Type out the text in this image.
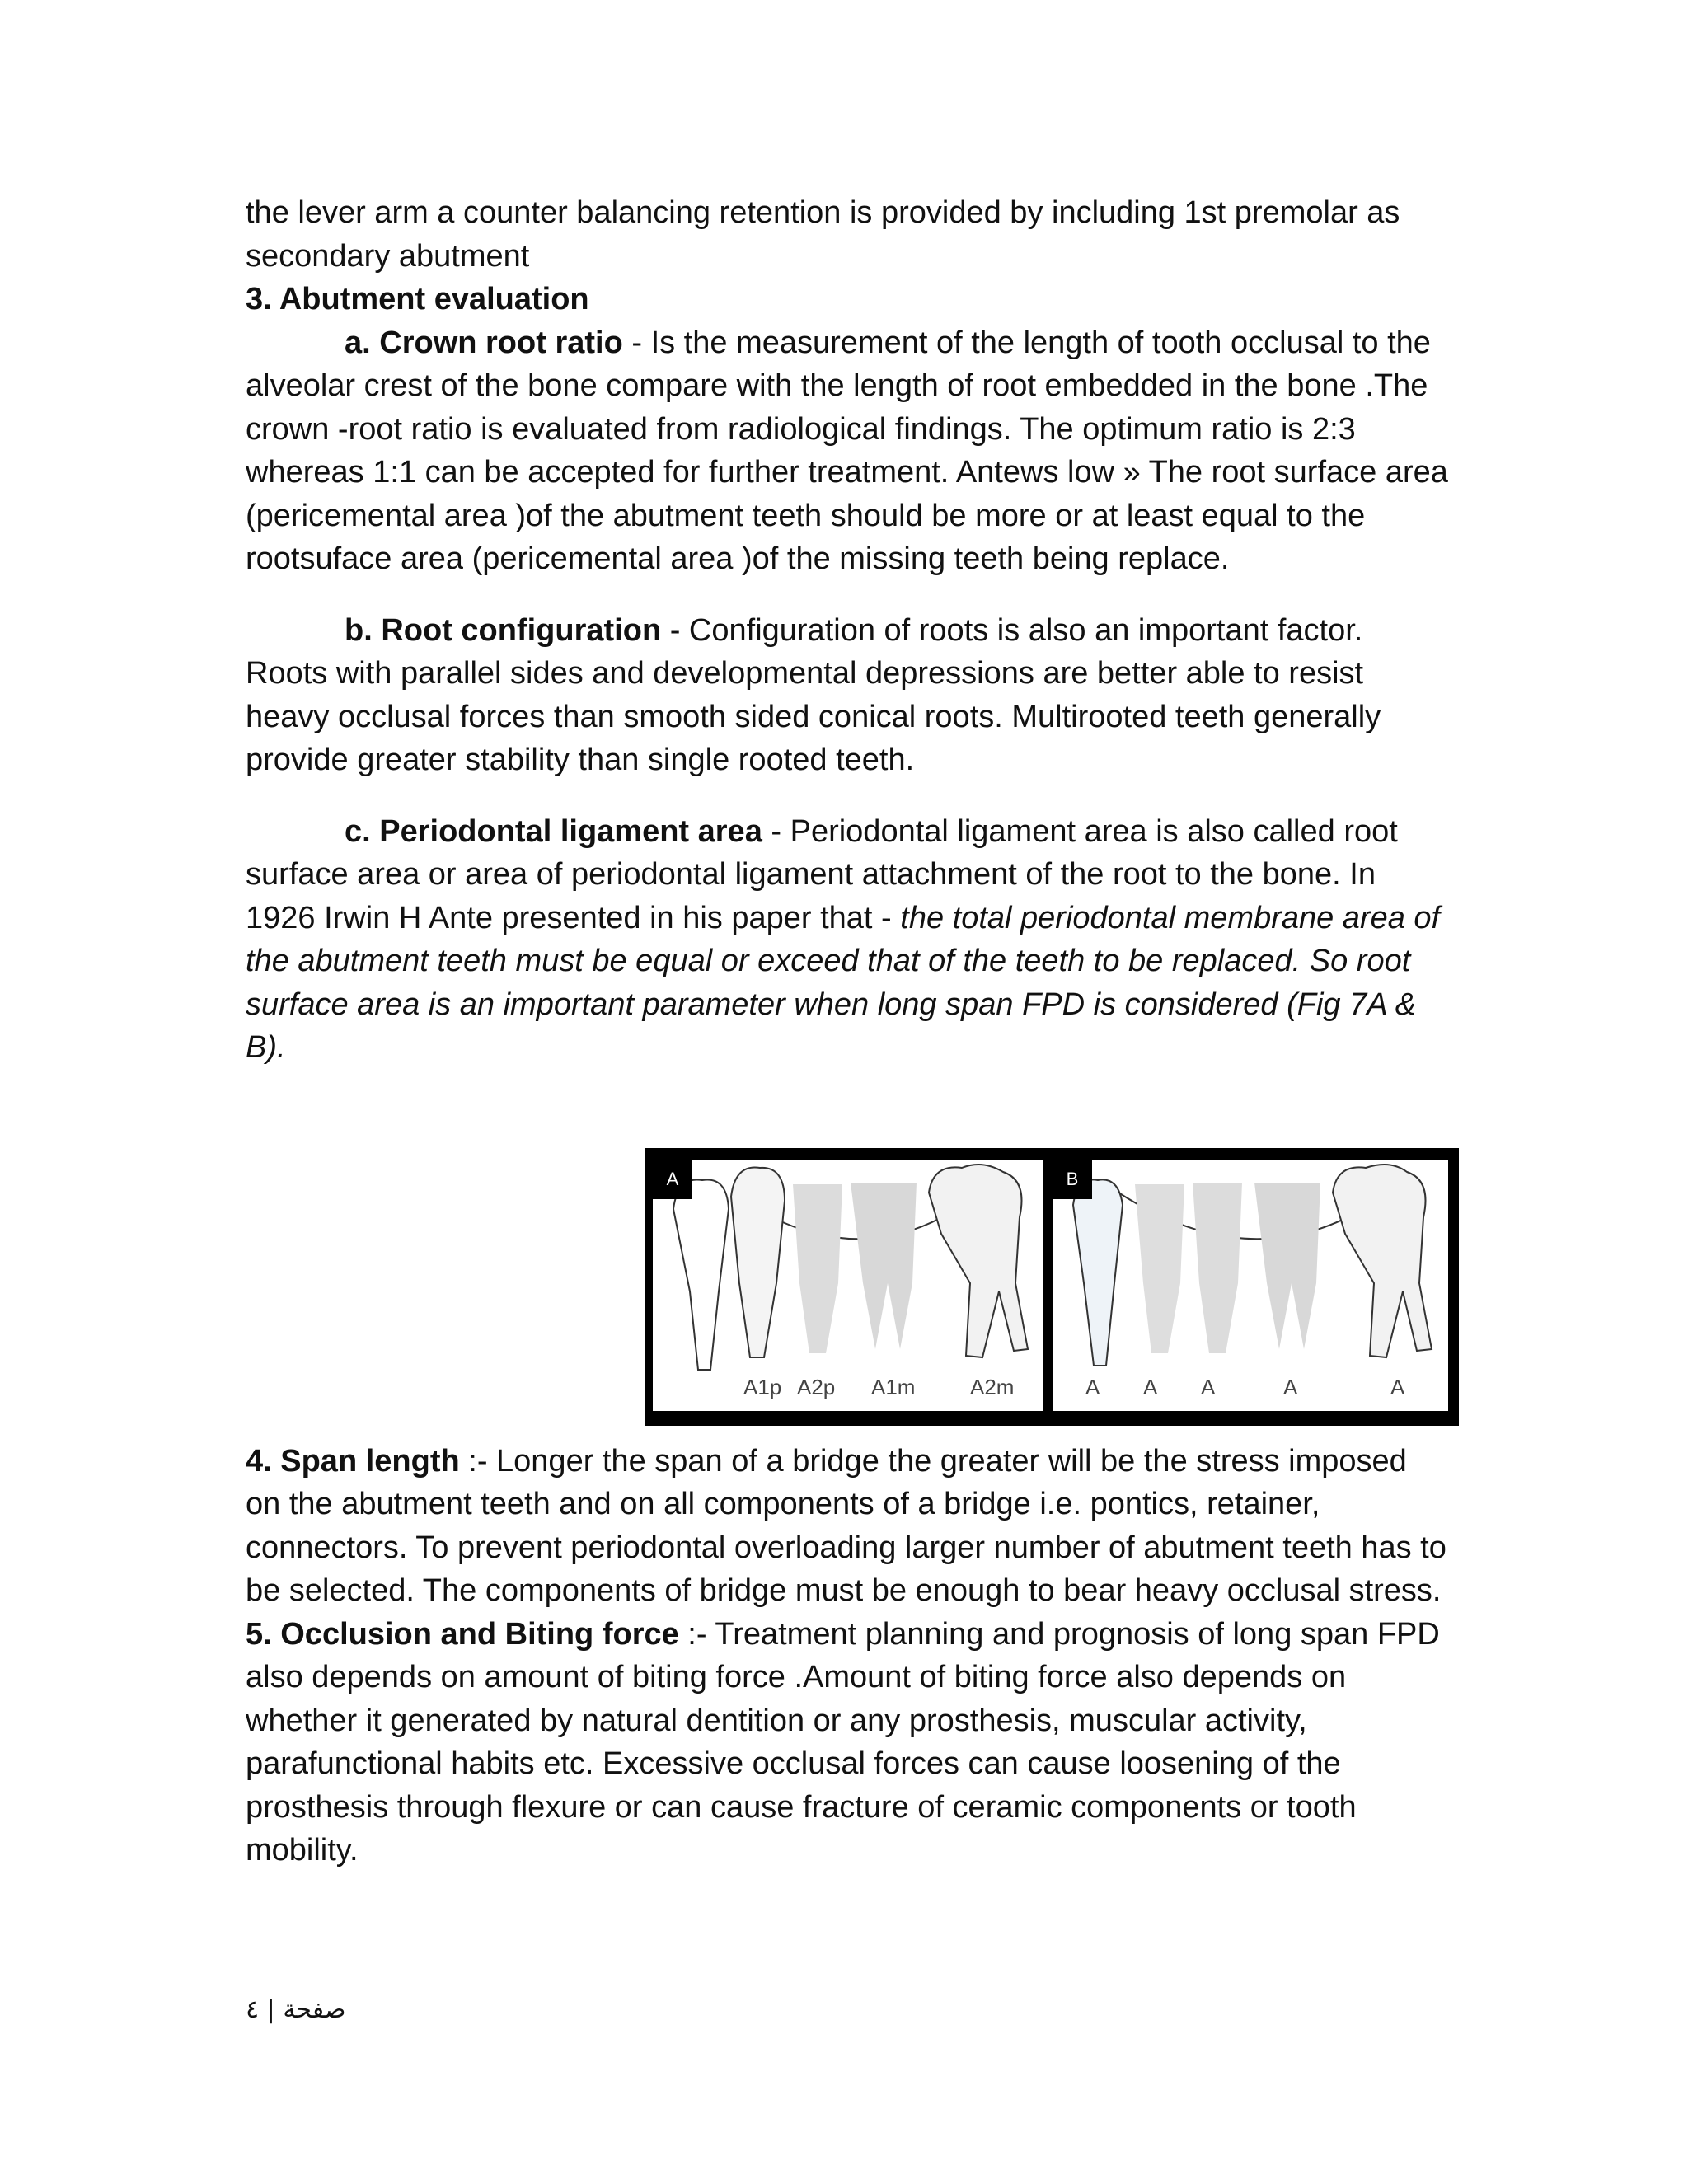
the lever arm a counter balancing retention is provided by including 1st premolar as secondary abutment

3. Abutment evaluation

a. Crown root ratio - Is the measurement of the length of tooth occlusal to the alveolar crest of the bone compare with the length of root embedded in the bone .The crown -root ratio is evaluated from radiological findings. The optimum ratio is 2:3 whereas 1:1 can be accepted for further treatment. Antews low » The root surface area (pericemental area )of the abutment teeth should be more or at least equal to the rootsuface area (pericemental area )of the missing teeth being replace.

b. Root configuration - Configuration of roots is also an important factor. Roots with parallel sides and developmental depressions are better able to resist heavy occlusal forces than smooth sided conical roots. Multirooted teeth generally provide greater stability than single rooted teeth.

c. Periodontal ligament area - Periodontal ligament area is also called root surface area or area of periodontal ligament attachment of the root to the bone. In 1926 Irwin H Ante presented in his paper that - the total periodontal membrane area of the abutment teeth must be equal or exceed that of the teeth to be replaced. So root surface area is an important parameter when long span FPD is considered (Fig 7A & B).

4. Span length :- Longer the span of a bridge the greater will be the stress imposed on the abutment teeth and on all components of a bridge i.e. pontics, retainer, connectors. To prevent periodontal overloading larger number of abutment teeth has to be selected. The components of bridge must be enough to bear heavy occlusal stress.

5. Occlusion and Biting force :- Treatment planning and prognosis of long span FPD also depends on amount of biting force .Amount of biting force also depends on whether it generated by natural dentition or any prosthesis, muscular activity, parafunctional habits etc. Excessive occlusal forces can cause loosening of the prosthesis through flexure or can cause fracture of ceramic components or tooth mobility.

A
A1p A2p A1m	A2m
B
A A A	A	A
٤ | صفحة
